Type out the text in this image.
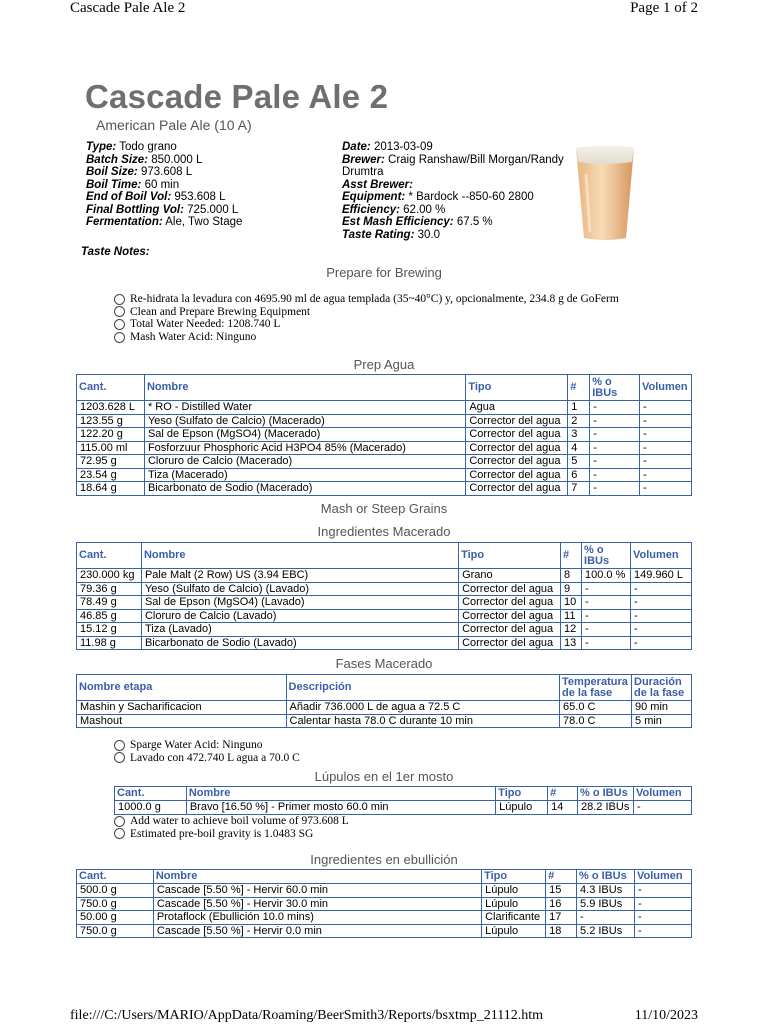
Cascade Pale Ale 2	Page 1 of 2
Cascade Pale Ale 2
American Pale Ale (10 A)
Type: Todo grano
Batch Size: 850.000 L
Boil Size: 973.608 L
Boil Time: 60 min
End of Boil Vol: 953.608 L
Final Bottling Vol: 725.000 L
Fermentation: Ale, Two Stage
Date: 2013-03-09
Brewer: Craig Ranshaw/Bill Morgan/Randy Drumtra
Asst Brewer:
Equipment: * Bardock --850-60 2800
Efficiency: 62.00 %
Est Mash Efficiency: 67.5 %
Taste Rating: 30.0
Taste Notes:
Prepare for Brewing
Re-hidrata la levadura con 4695.90 ml de agua templada (35~40°C) y, opcionalmente, 234.8 g de GoFerm
Clean and Prepare Brewing Equipment
Total Water Needed: 1208.740 L
Mash Water Acid: Ninguno
Prep Agua
Cant.	Nombre	Tipo	#	% o IBUs	Volumen
1203.628 L	* RO - Distilled Water	Agua	1	-	-
123.55 g	Yeso (Sulfato de Calcio) (Macerado)	Corrector del agua	2	-	-
122.20 g	Sal de Epson (MgSO4) (Macerado)	Corrector del agua	3	-	-
115.00 ml	Fosforzuur Phosphoric Acid H3PO4 85% (Macerado)	Corrector del agua	4	-	-
72.95 g	Cloruro de Calcio (Macerado)	Corrector del agua	5	-	-
23.54 g	Tiza (Macerado)	Corrector del agua	6	-	-
18.64 g	Bicarbonato de Sodio (Macerado)	Corrector del agua	7	-	-
Mash or Steep Grains
Ingredientes Macerado
Cant.	Nombre	Tipo	#	% o IBUs	Volumen
230.000 kg	Pale Malt (2 Row) US (3.94 EBC)	Grano	8	100.0 %	149.960 L
79.36 g	Yeso (Sulfato de Calcio) (Lavado)	Corrector del agua	9	-	-
78.49 g	Sal de Epson (MgSO4) (Lavado)	Corrector del agua	10	-	-
46.85 g	Cloruro de Calcio (Lavado)	Corrector del agua	11	-	-
15.12 g	Tiza (Lavado)	Corrector del agua	12	-	-
11.98 g	Bicarbonato de Sodio (Lavado)	Corrector del agua	13	-	-
Fases Macerado
Nombre etapa	Descripción	Temperatura de la fase	Duración de la fase
Mashin y Sacharificacion	Añadir 736.000 L de agua a 72.5 C	65.0 C	90 min
Mashout	Calentar hasta 78.0 C durante 10 min	78.0 C	5 min
Sparge Water Acid: Ninguno
Lavado con 472.740 L agua a 70.0 C
Lúpulos en el 1er mosto
Cant.	Nombre	Tipo	#	% o IBUs	Volumen
1000.0 g	Bravo [16.50 %] - Primer mosto 60.0 min	Lúpulo	14	28.2 IBUs	-
Add water to achieve boil volume of 973.608 L
Estimated pre-boil gravity is 1.0483 SG
Ingredientes en ebullición
Cant.	Nombre	Tipo	#	% o IBUs	Volumen
500.0 g	Cascade [5.50 %] - Hervir 60.0 min	Lúpulo	15	4.3 IBUs	-
750.0 g	Cascade [5.50 %] - Hervir 30.0 min	Lúpulo	16	5.9 IBUs	-
50.00 g	Protaflock (Ebullición 10.0 mins)	Clarificante	17	-	-
750.0 g	Cascade [5.50 %] - Hervir 0.0 min	Lúpulo	18	5.2 IBUs	-
file:///C:/Users/MARIO/AppData/Roaming/BeerSmith3/Reports/bsxtmp_21112.htm	11/10/2023
